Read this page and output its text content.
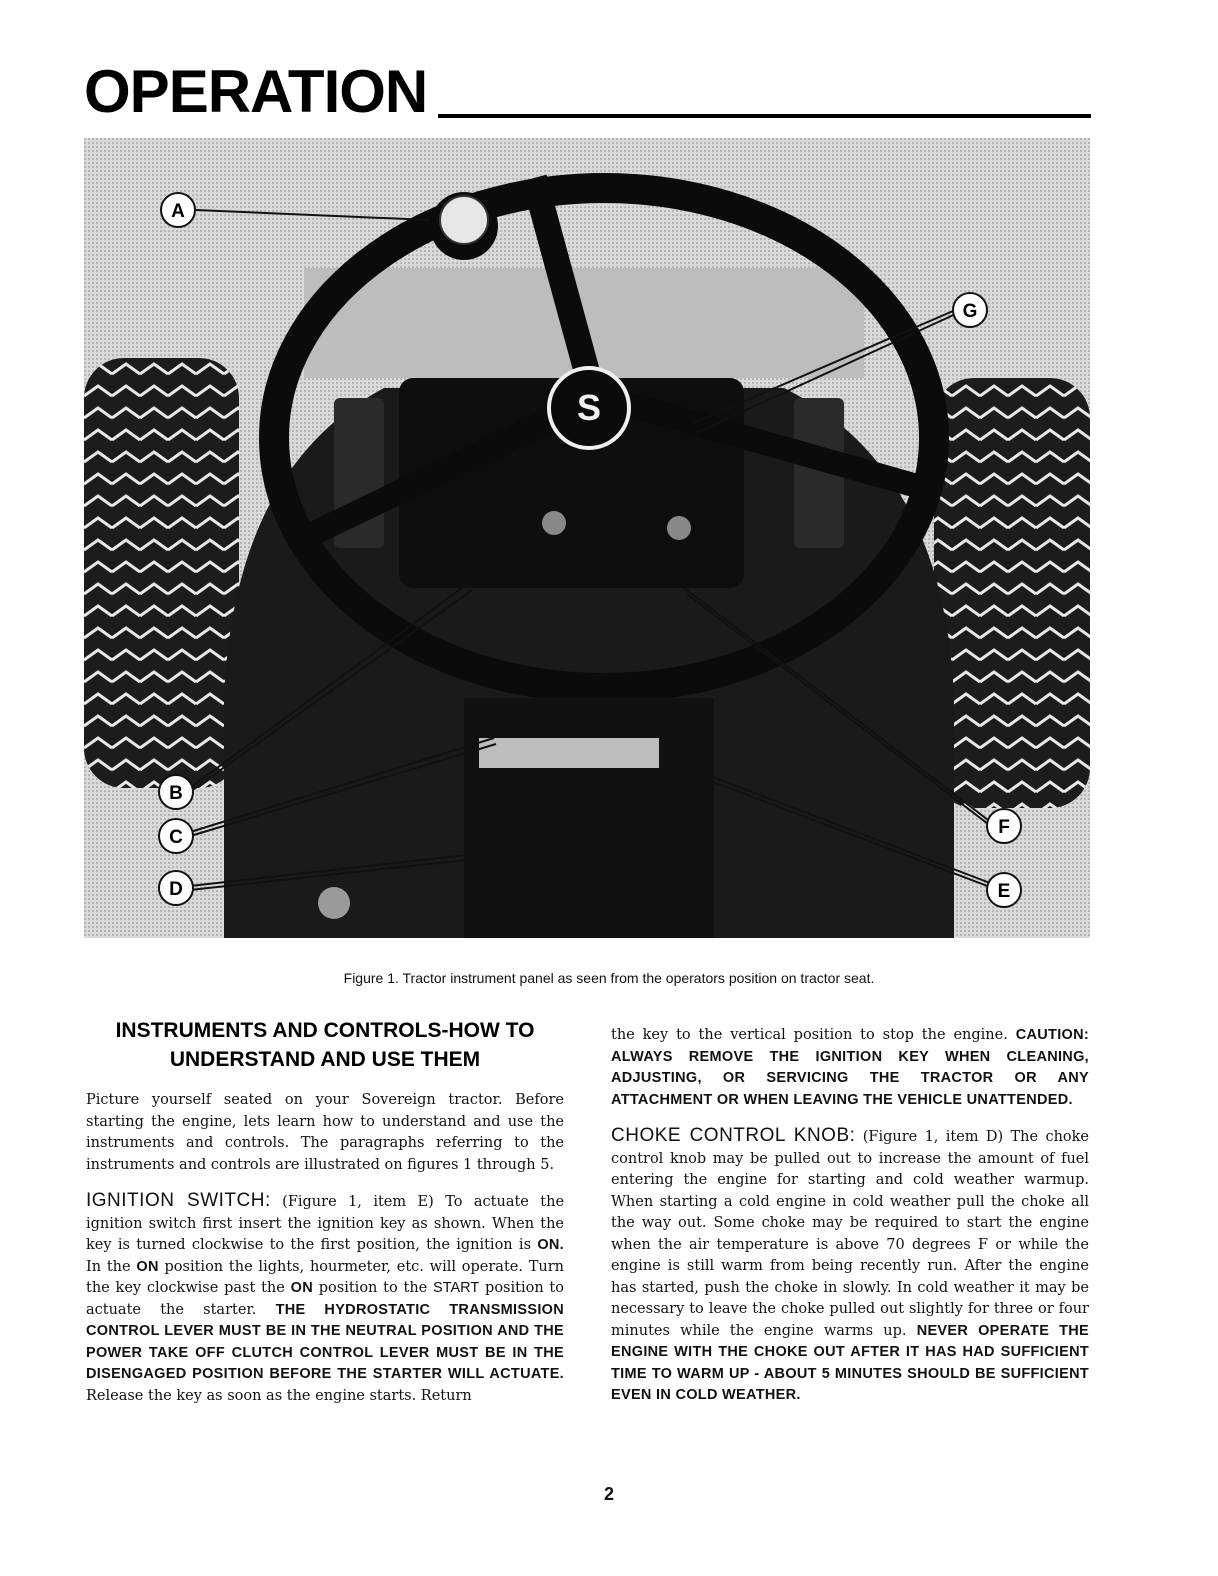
OPERATION
S
A
G
B
C
D
F
E
Figure 1. Tractor instrument panel as seen from the operators position on tractor seat.
INSTRUMENTS AND CONTROLS-HOW TO
UNDERSTAND AND USE THEM

Picture yourself seated on your Sovereign tractor. Before starting the engine, lets learn how to understand and use the instruments and controls. The paragraphs referring to the instruments and controls are illustrated on figures 1 through 5.

IGNITION SWITCH: (Figure 1, item E) To actuate the ignition switch first insert the ignition key as shown. When the key is turned clockwise to the first position, the ignition is ON. In the ON position the lights, hourmeter, etc. will operate. Turn the key clockwise past the ON position to the START position to actuate the starter. THE HYDROSTATIC TRANSMISSION CONTROL LEVER MUST BE IN THE NEUTRAL POSITION AND THE POWER TAKE OFF CLUTCH CONTROL LEVER MUST BE IN THE DISENGAGED POSITION BEFORE THE STARTER WILL ACTUATE. Release the key as soon as the engine starts. Return

the key to the vertical position to stop the engine. CAUTION: ALWAYS REMOVE THE IGNITION KEY WHEN CLEANING, ADJUSTING, OR SERVICING THE TRACTOR OR ANY ATTACHMENT OR WHEN LEAVING THE VEHICLE UNATTENDED.

CHOKE CONTROL KNOB: (Figure 1, item D) The choke control knob may be pulled out to increase the amount of fuel entering the engine for starting and cold weather warmup. When starting a cold engine in cold weather pull the choke all the way out. Some choke may be required to start the engine when the air temperature is above 70 degrees F or while the engine is still warm from being recently run. After the engine has started, push the choke in slowly. In cold weather it may be necessary to leave the choke pulled out slightly for three or four minutes while the engine warms up. NEVER OPERATE THE ENGINE WITH THE CHOKE OUT AFTER IT HAS HAD SUFFICIENT TIME TO WARM UP - ABOUT 5 MINUTES SHOULD BE SUFFICIENT EVEN IN COLD WEATHER.

2
